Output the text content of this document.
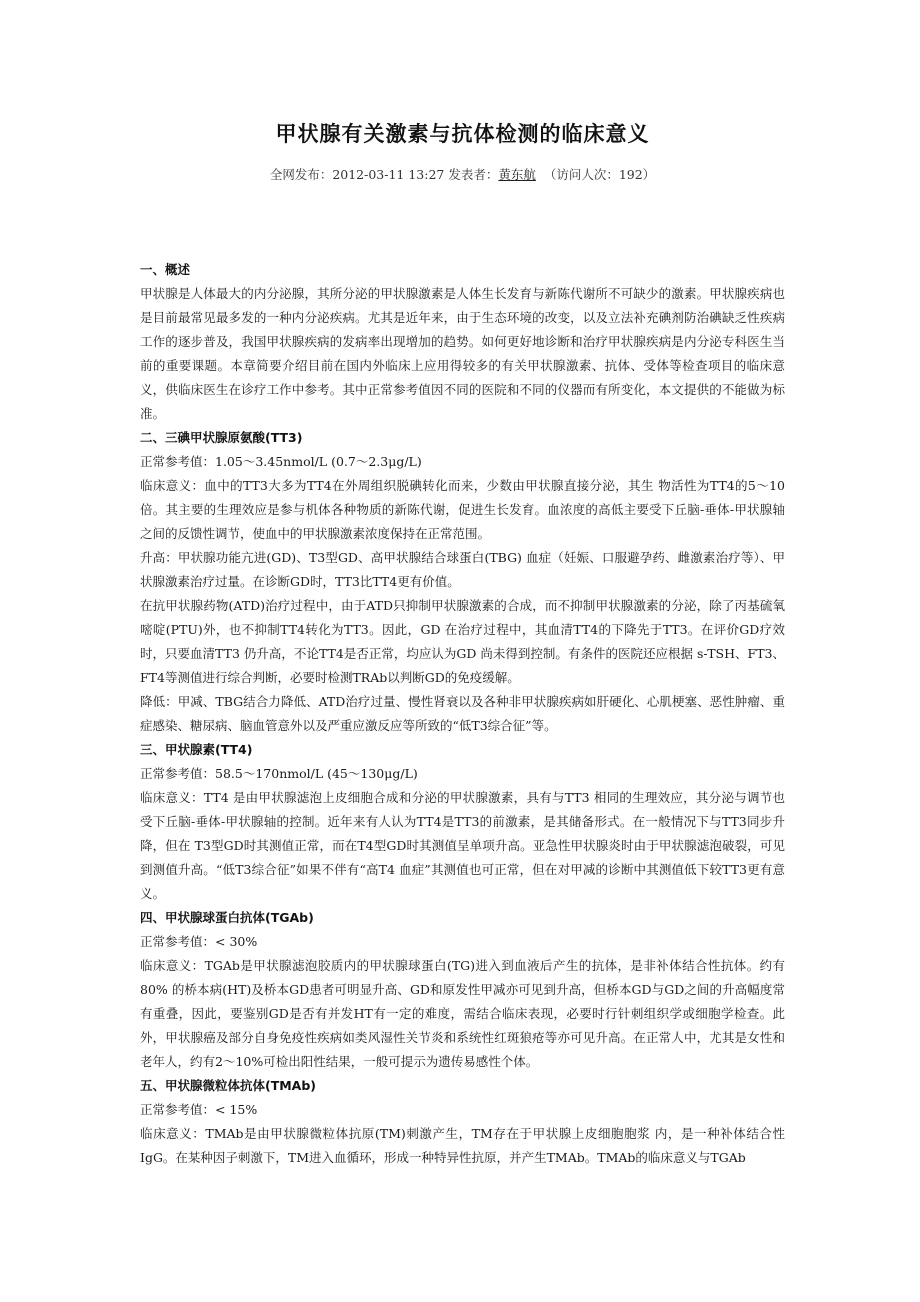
甲状腺有关激素与抗体检测的临床意义
全网发布：2012-03-11 13:27 发表者：黄东航 （访问人次：192）
一、概述

甲状腺是人体最大的内分泌腺，其所分泌的甲状腺激素是人体生长发育与新陈代谢所不可缺少的激素。甲状腺疾病也是目前最常见最多发的一种内分泌疾病。尤其是近年来，由于生态环境的改变，以及立法补充碘剂防治碘缺乏性疾病工作的逐步普及，我国甲状腺疾病的发病率出现增加的趋势。如何更好地诊断和治疗甲状腺疾病是内分泌专科医生当前的重要课题。本章简要介绍目前在国内外临床上应用得较多的有关甲状腺激素、抗体、受体等检查项目的临床意义，供临床医生在诊疗工作中参考。其中正常参考值因不同的医院和不同的仪器而有所变化，本文提供的不能做为标准。

二、三碘甲状腺原氨酸(TT3)

正常参考值：1.05～3.45nmol/L (0.7～2.3μg/L)

临床意义：血中的TT3大多为TT4在外周组织脱碘转化而来，少数由甲状腺直接分泌，其生 物活性为TT4的5～10倍。其主要的生理效应是参与机体各种物质的新陈代谢，促进生长发育。血浓度的高低主要受下丘脑-垂体-甲状腺轴之间的反馈性调节，使血中的甲状腺激素浓度保持在正常范围。

升高：甲状腺功能亢进(GD)、T3型GD、高甲状腺结合球蛋白(TBG) 血症（妊娠、口服避孕药、雌激素治疗等）、甲状腺激素治疗过量。在诊断GD时，TT3比TT4更有价值。

在抗甲状腺药物(ATD)治疗过程中，由于ATD只抑制甲状腺激素的合成，而不抑制甲状腺激素的分泌，除了丙基硫氧嘧啶(PTU)外，也不抑制TT4转化为TT3。因此，GD 在治疗过程中，其血清TT4的下降先于TT3。在评价GD疗效时，只要血清TT3 仍升高，不论TT4是否正常，均应认为GD 尚未得到控制。有条件的医院还应根据 s-TSH、FT3、FT4等测值进行综合判断，必要时检测TRAb以判断GD的免疫缓解。

降低：甲减、TBG结合力降低、ATD治疗过量、慢性肾衰以及各种非甲状腺疾病如肝硬化、心肌梗塞、恶性肿瘤、重症感染、糖尿病、脑血管意外以及严重应激反应等所致的“低T3综合征”等。

三、甲状腺素(TT4)

正常参考值：58.5～170nmol/L (45～130μg/L)

临床意义：TT4 是由甲状腺滤泡上皮细胞合成和分泌的甲状腺激素，具有与TT3 相同的生理效应，其分泌与调节也受下丘脑-垂体-甲状腺轴的控制。近年来有人认为TT4是TT3的前激素，是其储备形式。在一般情况下与TT3同步升降，但在 T3型GD时其测值正常，而在T4型GD时其测值呈单项升高。亚急性甲状腺炎时由于甲状腺滤泡破裂，可见到测值升高。“低T3综合征”如果不伴有“高T4 血症”其测值也可正常，但在对甲减的诊断中其测值低下较TT3更有意义。

四、甲状腺球蛋白抗体(TGAb)

正常参考值：< 30%

临床意义：TGAb是甲状腺滤泡胶质内的甲状腺球蛋白(TG)进入到血液后产生的抗体，是非补体结合性抗体。约有80% 的桥本病(HT)及桥本GD患者可明显升高、GD和原发性甲减亦可见到升高，但桥本GD与GD之间的升高幅度常有重叠，因此，要鉴别GD是否有并发HT有一定的难度，需结合临床表现，必要时行针刺组织学或细胞学检查。此外，甲状腺癌及部分自身免疫性疾病如类风湿性关节炎和系统性红斑狼疮等亦可见升高。在正常人中，尤其是女性和老年人，约有2～10%可检出阳性结果，一般可提示为遗传易感性个体。

五、甲状腺微粒体抗体(TMAb)

正常参考值：< 15%

临床意义：TMAb是由甲状腺微粒体抗原(TM)刺激产生，TM存在于甲状腺上皮细胞胞浆 内，是一种补体结合性 IgG。在某种因子刺激下，TM进入血循环，形成一种特异性抗原，并产生TMAb。TMAb的临床意义与TGAb
